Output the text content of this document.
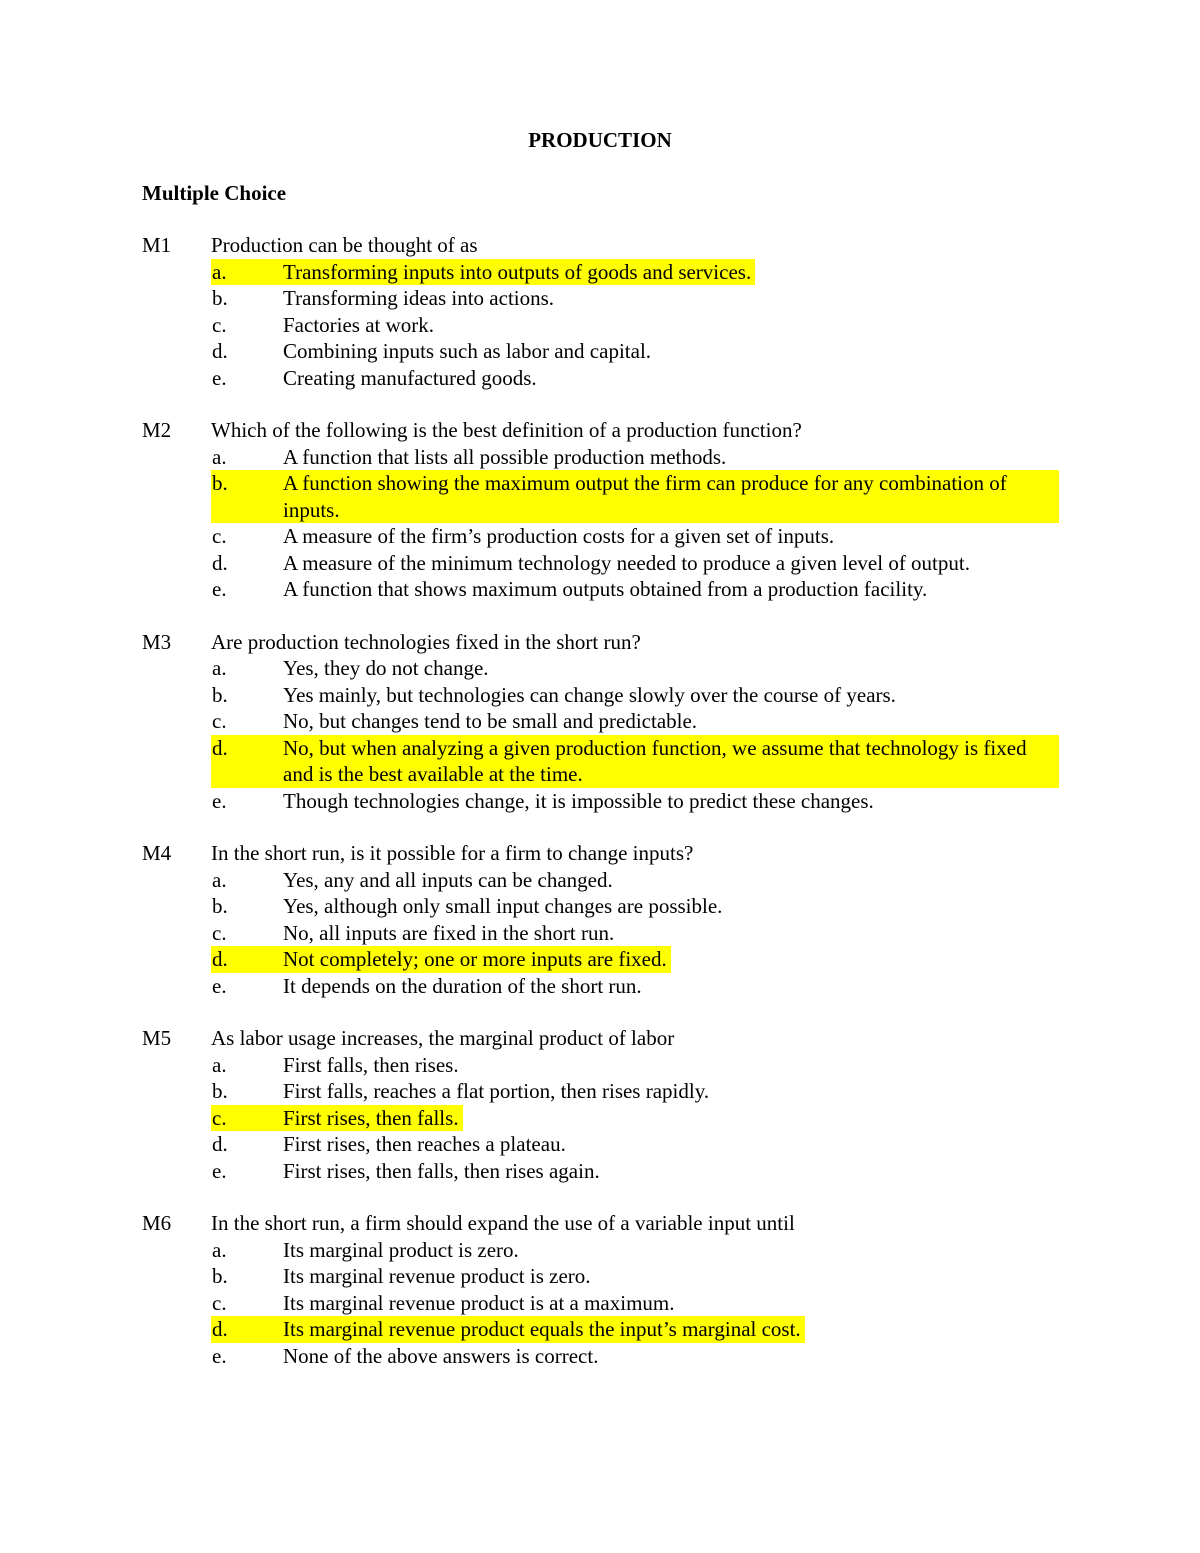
PRODUCTION
Multiple Choice
M1	Production can be thought of as
a.	Transforming inputs into outputs of goods and services.
b.	Transforming ideas into actions.
c.	Factories at work.
d.	Combining inputs such as labor and capital.
e.	Creating manufactured goods.
M2	Which of the following is the best definition of a production function?
a.	A function that lists all possible production methods.
b.	A function showing the maximum output the firm can produce for any combination of inputs.
c.	A measure of the firm’s production costs for a given set of inputs.
d.	A measure of the minimum technology needed to produce a given level of output.
e.	A function that shows maximum outputs obtained from a production facility.
M3	Are production technologies fixed in the short run?
a.	Yes, they do not change.
b.	Yes mainly, but technologies can change slowly over the course of years.
c.	No, but changes tend to be small and predictable.
d.	No, but when analyzing a given production function, we assume that technology is fixed and is the best available at the time.
e.	Though technologies change, it is impossible to predict these changes.
M4	In the short run, is it possible for a firm to change inputs?
a.	Yes, any and all inputs can be changed.
b.	Yes, although only small input changes are possible.
c.	No, all inputs are fixed in the short run.
d.	Not completely; one or more inputs are fixed.
e.	It depends on the duration of the short run.
M5	As labor usage increases, the marginal product of labor
a.	First falls, then rises.
b.	First falls, reaches a flat portion, then rises rapidly.
c.	First rises, then falls.
d.	First rises, then reaches a plateau.
e.	First rises, then falls, then rises again.
M6	In the short run, a firm should expand the use of a variable input until
a.	Its marginal product is zero.
b.	Its marginal revenue product is zero.
c.	Its marginal revenue product is at a maximum.
d.	Its marginal revenue product equals the input’s marginal cost.
e.	None of the above answers is correct.
